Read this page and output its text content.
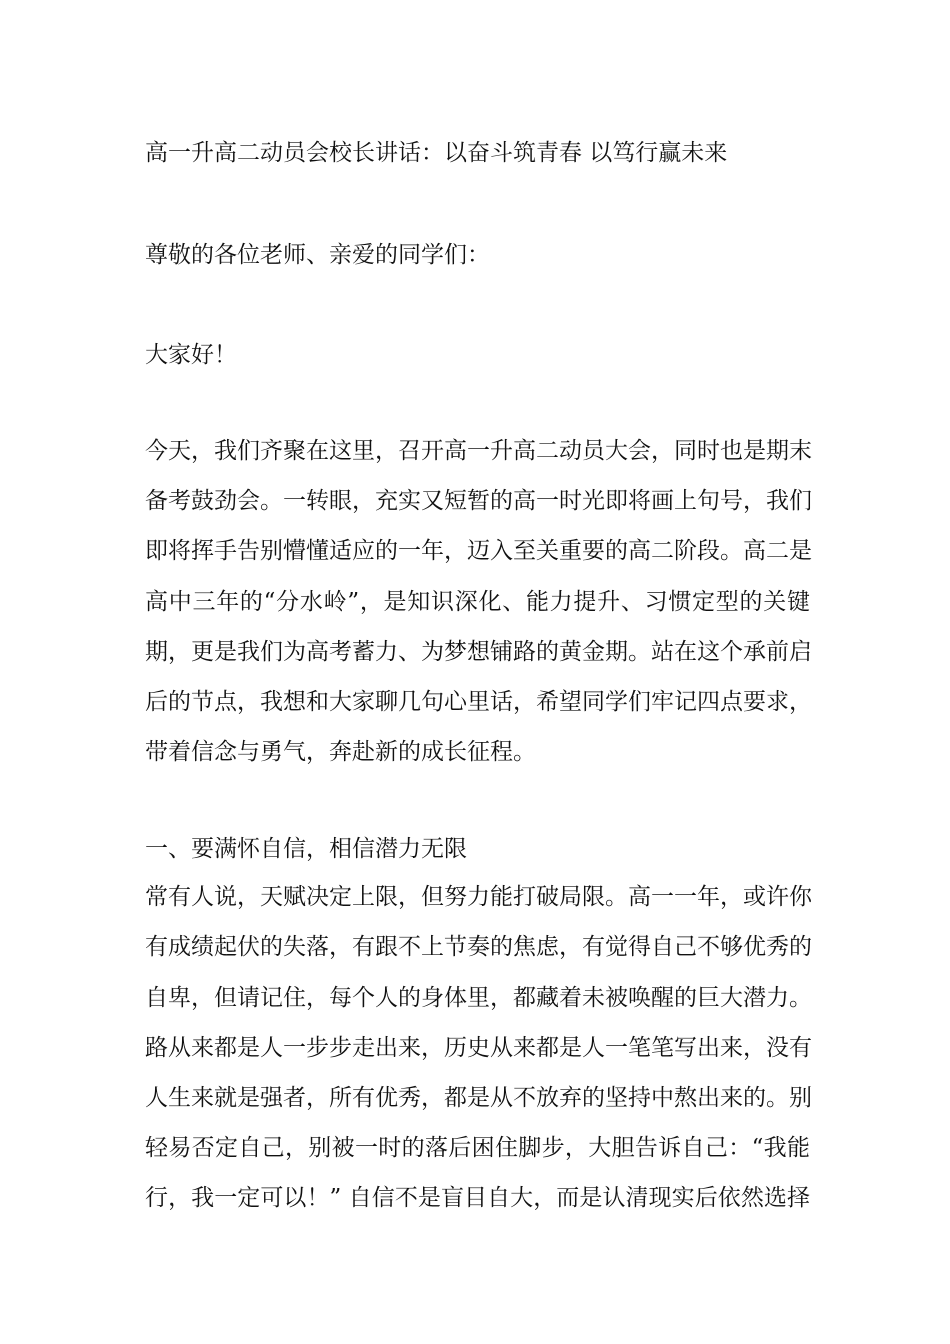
高一升高二动员会校长讲话：以奋斗筑青春 以笃行赢未来
尊敬的各位老师、亲爱的同学们：
大家好！
今天，我们齐聚在这里，召开高一升高二动员大会，同时也是期末
备考鼓劲会。一转眼，充实又短暂的高一时光即将画上句号，我们
即将挥手告别懵懂适应的一年，迈入至关重要的高二阶段。高二是
高中三年的“分水岭”，是知识深化、能力提升、习惯定型的关键
期，更是我们为高考蓄力、为梦想铺路的黄金期。站在这个承前启
后的节点，我想和大家聊几句心里话，希望同学们牢记四点要求，
带着信念与勇气，奔赴新的成长征程。
一、要满怀自信，相信潜力无限
常有人说，天赋决定上限，但努力能打破局限。高一一年，或许你
有成绩起伏的失落，有跟不上节奏的焦虑，有觉得自己不够优秀的
自卑，但请记住，每个人的身体里，都藏着未被唤醒的巨大潜力。
路从来都是人一步步走出来，历史从来都是人一笔笔写出来，没有
人生来就是强者，所有优秀，都是从不放弃的坚持中熬出来的。别
轻易否定自己，别被一时的落后困住脚步，大胆告诉自己：“我能
行，我一定可以！” 自信不是盲目自大，而是认清现实后依然选择
